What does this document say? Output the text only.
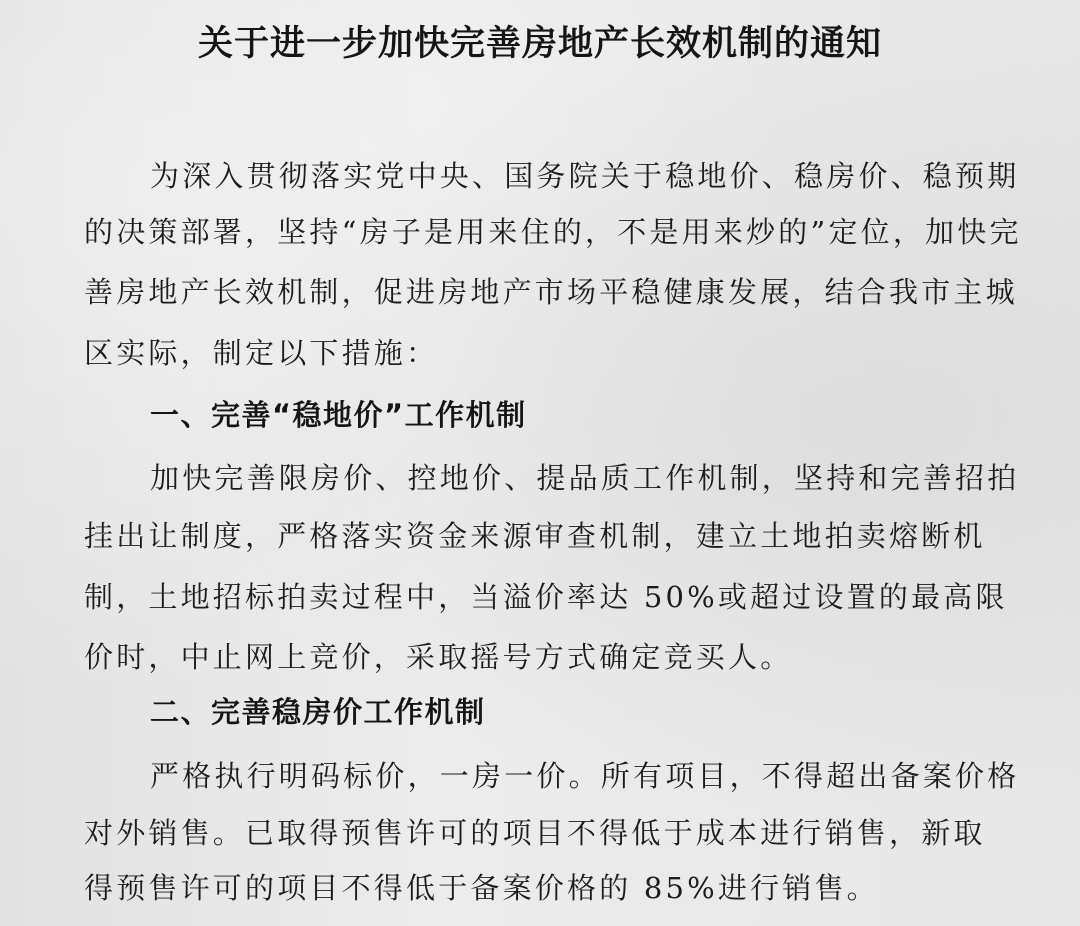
关于进一步加快完善房地产长效机制的通知
为深入贯彻落实党中央、国务院关于稳地价、稳房价、稳预期
的决策部署，坚持“房子是用来住的，不是用来炒的”定位，加快完
善房地产长效机制，促进房地产市场平稳健康发展，结合我市主城
区实际，制定以下措施：
一、完善“稳地价”工作机制
加快完善限房价、控地价、提品质工作机制，坚持和完善招拍
挂出让制度，严格落实资金来源审查机制，建立土地拍卖熔断机
制，土地招标拍卖过程中，当溢价率达 50%或超过设置的最高限
价时，中止网上竞价，采取摇号方式确定竞买人。
二、完善稳房价工作机制
严格执行明码标价，一房一价。所有项目，不得超出备案价格
对外销售。已取得预售许可的项目不得低于成本进行销售，新取
得预售许可的项目不得低于备案价格的 85%进行销售。
